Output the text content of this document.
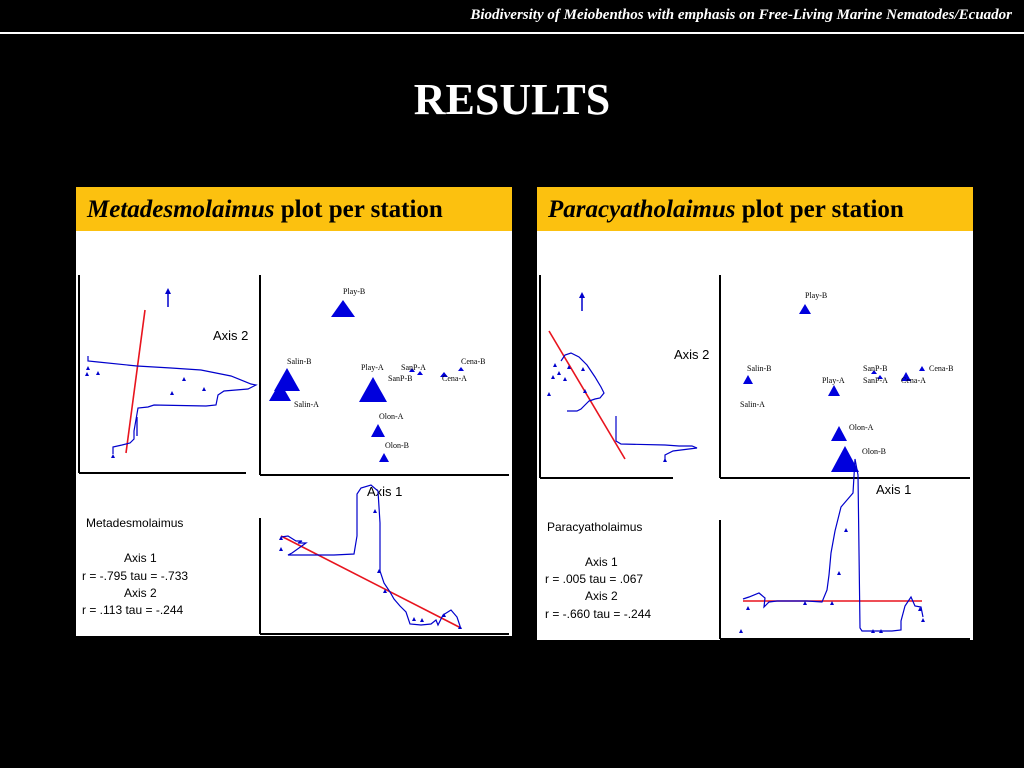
Biodiversity of Meiobenthos with emphasis on Free-Living Marine Nematodes/Ecuador
RESULTS
Metadesmolaimus plot per station
Axis 2
Play-B
Salin-B
Play-A SanP-A
Cena-B
SanP-B	Cena-A
Salin-A
Olon-A
Olon-B
Metadesmolaimus
Axis 1
r = -.795 tau = -.733
Axis 2
r = .113 tau = -.244
Axis 1
Paracyatholaimus plot per station
Axis 2
Play-B
Salin-B	SanP-B	Cena-B
Play-A SanP-A Cena-A
Salin-A
Olon-A
Olon-B
Paracyatholaimus
Axis 1
r = .005 tau = .067
Axis 2
r = -.660 tau = -.244
Axis 1
